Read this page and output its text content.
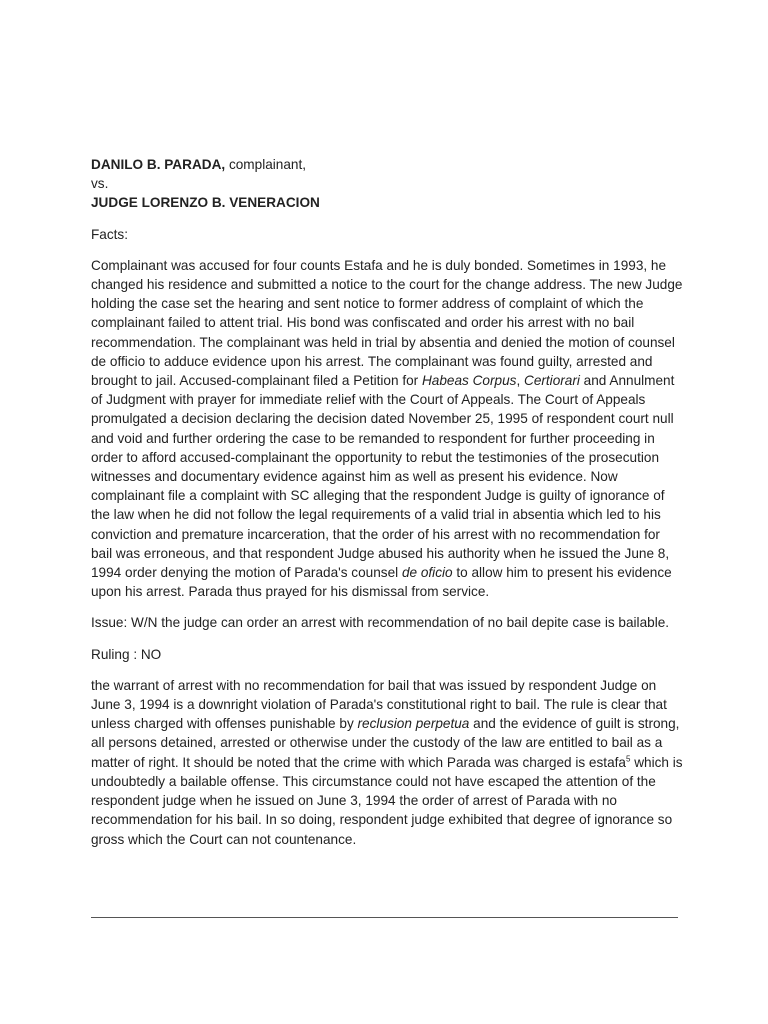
DANILO B. PARADA, complainant,
vs.
JUDGE LORENZO B. VENERACION
Facts:
Complainant was accused for four counts Estafa and he is duly bonded. Sometimes in 1993, he changed his residence and submitted a notice to the court for the change address. The new Judge holding the case set the hearing and sent notice to former address of complaint of which the complainant failed to attent trial. His bond was confiscated and order his arrest with no bail recommendation. The complainant was held in trial by absentia and denied the motion of counsel de officio to adduce evidence upon his arrest. The complainant was found guilty, arrested and brought to jail. Accused-complainant filed a Petition for Habeas Corpus, Certiorari and Annulment of Judgment with prayer for immediate relief with the Court of Appeals. The Court of Appeals promulgated a decision declaring the decision dated November 25, 1995 of respondent court null and void and further ordering the case to be remanded to respondent for further proceeding in order to afford accused-complainant the opportunity to rebut the testimonies of the prosecution witnesses and documentary evidence against him as well as present his evidence. Now complainant file a complaint with SC alleging that the respondent Judge is guilty of ignorance of the law when he did not follow the legal requirements of a valid trial in absentia which led to his conviction and premature incarceration, that the order of his arrest with no recommendation for bail was erroneous, and that respondent Judge abused his authority when he issued the June 8, 1994 order denying the motion of Parada's counsel de oficio to allow him to present his evidence upon his arrest. Parada thus prayed for his dismissal from service.
Issue: W/N the judge can order an arrest with recommendation of no bail depite case is bailable.
Ruling : NO
the warrant of arrest with no recommendation for bail that was issued by respondent Judge on June 3, 1994 is a downright violation of Parada's constitutional right to bail. The rule is clear that unless charged with offenses punishable by reclusion perpetua and the evidence of guilt is strong, all persons detained, arrested or otherwise under the custody of the law are entitled to bail as a matter of right. It should be noted that the crime with which Parada was charged is estafa$^5$ which is undoubtedly a bailable offense. This circumstance could not have escaped the attention of the respondent judge when he issued on June 3, 1994 the order of arrest of Parada with no recommendation for his bail. In so doing, respondent judge exhibited that degree of ignorance so gross which the Court can not countenance.
